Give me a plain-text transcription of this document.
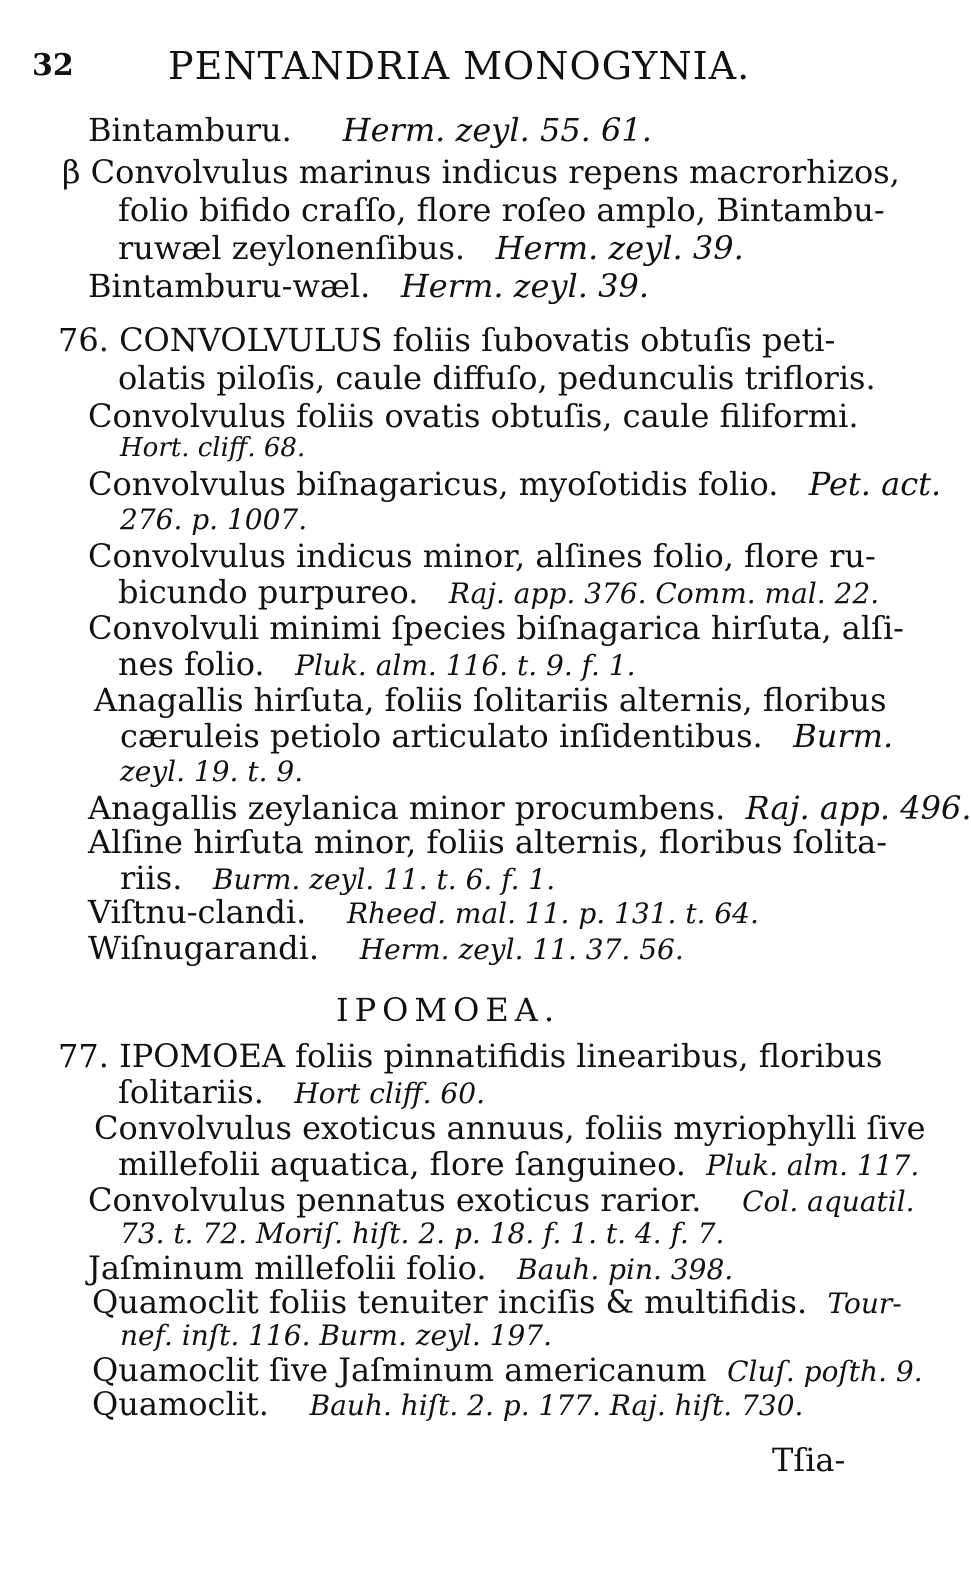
32 PENTANDRIA MONOGYNIA.
Bintamburu. Herm. zeyl. 55. 61.
β Convolvulus marinus indicus repens macrorhizos,
folio bifido craſſo, flore roſeo amplo, Bintambu-
ruwæl zeylonenſibus. Herm. zeyl. 39.
Bintamburu-wæl. Herm. zeyl. 39.
76. CONVOLVULUS foliis ſubovatis obtuſis peti-
olatis piloſis, caule diffuſo, pedunculis trifloris.
Convolvulus foliis ovatis obtuſis, caule filiformi.
Hort. cliff. 68.
Convolvulus biſnagaricus, myoſotidis folio. Pet. act.
276. p. 1007.
Convolvulus indicus minor, alſines folio, flore ru-
bicundo purpureo. Raj. app. 376. Comm. mal. 22.
Convolvuli minimi ſpecies biſnagarica hirſuta, alſi-
nes folio. Pluk. alm. 116. t. 9. f. 1.
Anagallis hirſuta, foliis ſolitariis alternis, floribus
cæruleis petiolo articulato inſidentibus. Burm.
zeyl. 19. t. 9.
Anagallis zeylanica minor procumbens. Raj. app. 496.
Alſine hirſuta minor, foliis alternis, floribus ſolita-
riis. Burm. zeyl. 11. t. 6. f. 1.
Viſtnu-clandi. Rheed. mal. 11. p. 131. t. 64.
Wiſnugarandi. Herm. zeyl. 11. 37. 56.
IPOMOEA.
77. IPOMOEA foliis pinnatifidis linearibus, floribus
ſolitariis. Hort cliff. 60.
Convolvulus exoticus annuus, foliis myriophylli ſive
millefolii aquatica, flore ſanguineo. Pluk. alm. 117.
Convolvulus pennatus exoticus rarior. Col. aquatil.
73. t. 72. Moriſ. hiſt. 2. p. 18. f. 1. t. 4. f. 7.
Jaſminum millefolii folio. Bauh. pin. 398.
Quamoclit foliis tenuiter inciſis & multifidis. Tour-
nef. inſt. 116. Burm. zeyl. 197.
Quamoclit ſive Jaſminum americanum Cluſ. poſth. 9.
Quamoclit. Bauh. hiſt. 2. p. 177. Raj. hiſt. 730.
Tſia-
